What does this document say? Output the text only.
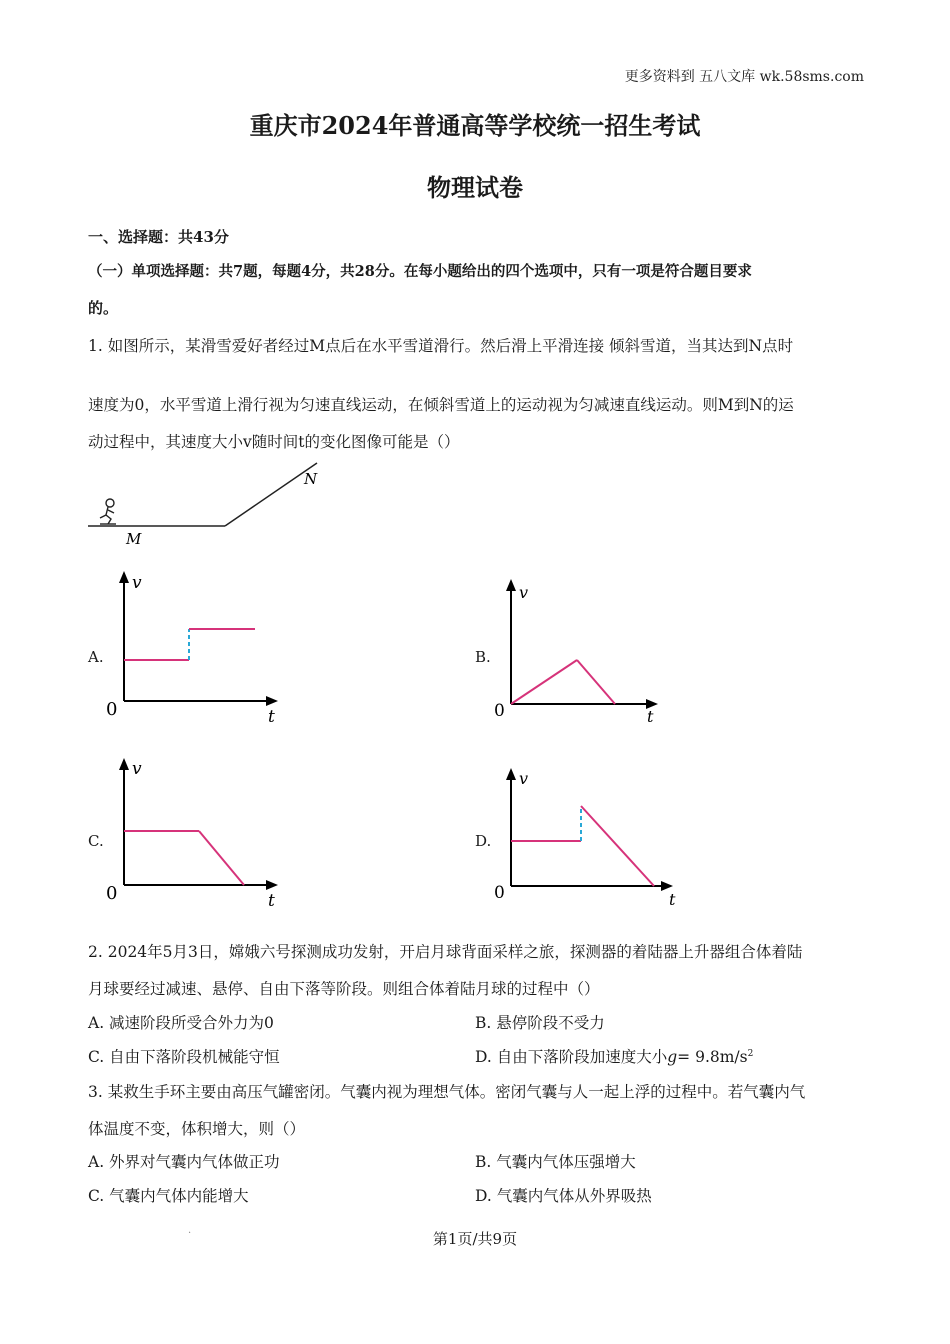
更多资料到 五八文库 wk.58sms.com
重庆市2024年普通高等学校统一招生考试
物理试卷
一、选择题：共43分
（一）单项选择题：共7题，每题4分，共28分。在每小题给出的四个选项中，只有一项是符合题目要求
的。
1. 如图所示，某滑雪爱好者经过M点后在水平雪道滑行。然后滑上平滑连接 倾斜雪道，当其达到N点时
速度为0，水平雪道上滑行视为匀速直线运动，在倾斜雪道上的运动视为匀减速直线运动。则M到N的运
动过程中，其速度大小v随时间t的变化图像可能是（）
M
N
A.
v
t
0
B.
v
t
0
C.
v
t
0
D.
v
t
0
2. 2024年5月3日，嫦娥六号探测成功发射，开启月球背面采样之旅，探测器的着陆器上升器组合体着陆
月球要经过减速、悬停、自由下落等阶段。则组合体着陆月球的过程中（）
A. 减速阶段所受合外力为0	B. 悬停阶段不受力
C. 自由下落阶段机械能守恒	D. 自由下落阶段加速度大小$g= 9.8m/s^2$
3. 某救生手环主要由高压气罐密闭。气囊内视为理想气体。密闭气囊与人一起上浮的过程中。若气囊内气
体温度不变，体积增大，则（）
A. 外界对气囊内气体做正功	B. 气囊内气体压强增大
C. 气囊内气体内能增大	D. 气囊内气体从外界吸热
.	第1页/共9页
